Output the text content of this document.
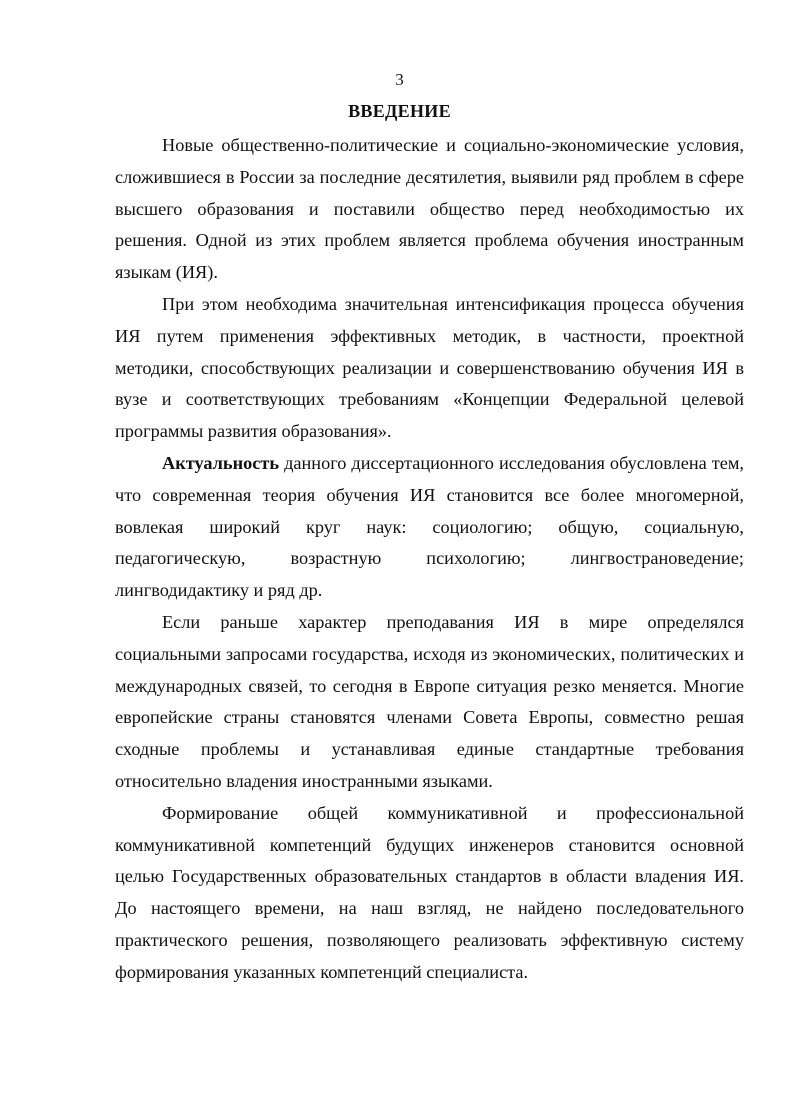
3
ВВЕДЕНИЕ

Новые общественно-политические и социально-экономические условия, сложившиеся в России за последние десятилетия, выявили ряд проблем в сфере высшего образования и поставили общество перед необходимостью их решения. Одной из этих проблем является проблема обучения иностранным языкам (ИЯ).

При этом необходима значительная интенсификация процесса обучения ИЯ путем применения эффективных методик, в частности, проектной методики, способствующих реализации и совершенствованию обучения ИЯ в вузе и соответствующих требованиям «Концепции Федеральной целевой программы развития образования».

Актуальность данного диссертационного исследования обусловлена тем, что современная теория обучения ИЯ становится все более многомерной, вовлекая широкий круг наук: социологию; общую, социальную, педагогическую, возрастную психологию; лингвострановедение; лингводидактику и ряд др.

Если раньше характер преподавания ИЯ в мире определялся социальными запросами государства, исходя из экономических, политических и международных связей, то сегодня в Европе ситуация резко меняется. Многие европейские страны становятся членами Совета Европы, совместно решая сходные проблемы и устанавливая единые стандартные требования относительно владения иностранными языками.

Формирование общей коммуникативной и профессиональной коммуникативной компетенций будущих инженеров становится основной целью Государственных образовательных стандартов в области владения ИЯ. До настоящего времени, на наш взгляд, не найдено последовательного практического решения, позволяющего реализовать эффективную систему формирования указанных компетенций специалиста.
